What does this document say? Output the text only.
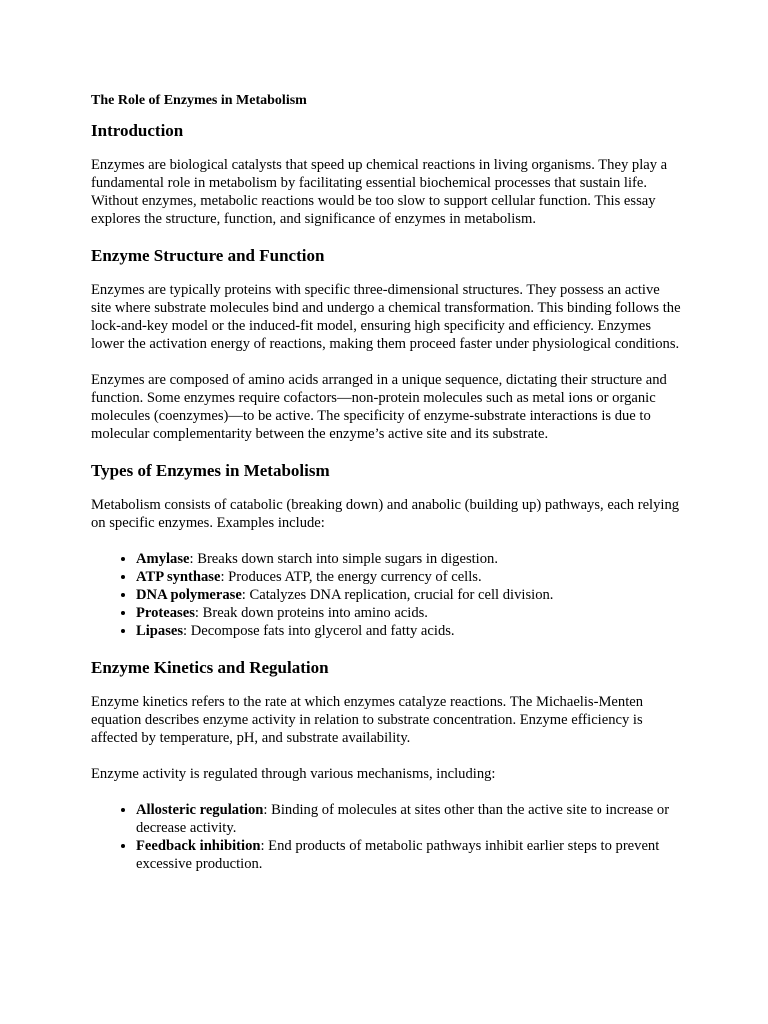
The Role of Enzymes in Metabolism
Introduction

Enzymes are biological catalysts that speed up chemical reactions in living organisms. They play a fundamental role in metabolism by facilitating essential biochemical processes that sustain life. Without enzymes, metabolic reactions would be too slow to support cellular function. This essay explores the structure, function, and significance of enzymes in metabolism.

Enzyme Structure and Function

Enzymes are typically proteins with specific three-dimensional structures. They possess an active site where substrate molecules bind and undergo a chemical transformation. This binding follows the lock-and-key model or the induced-fit model, ensuring high specificity and efficiency. Enzymes lower the activation energy of reactions, making them proceed faster under physiological conditions.

Enzymes are composed of amino acids arranged in a unique sequence, dictating their structure and function. Some enzymes require cofactors—non-protein molecules such as metal ions or organic molecules (coenzymes)—to be active. The specificity of enzyme-substrate interactions is due to molecular complementarity between the enzyme’s active site and its substrate.

Types of Enzymes in Metabolism

Metabolism consists of catabolic (breaking down) and anabolic (building up) pathways, each relying on specific enzymes. Examples include:

• Amylase: Breaks down starch into simple sugars in digestion.
• ATP synthase: Produces ATP, the energy currency of cells.
• DNA polymerase: Catalyzes DNA replication, crucial for cell division.
• Proteases: Break down proteins into amino acids.
• Lipases: Decompose fats into glycerol and fatty acids.
Enzyme Kinetics and Regulation

Enzyme kinetics refers to the rate at which enzymes catalyze reactions. The Michaelis-Menten equation describes enzyme activity in relation to substrate concentration. Enzyme efficiency is affected by temperature, pH, and substrate availability.

Enzyme activity is regulated through various mechanisms, including:

• Allosteric regulation: Binding of molecules at sites other than the active site to increase or decrease activity.
• Feedback inhibition: End products of metabolic pathways inhibit earlier steps to prevent excessive production.
